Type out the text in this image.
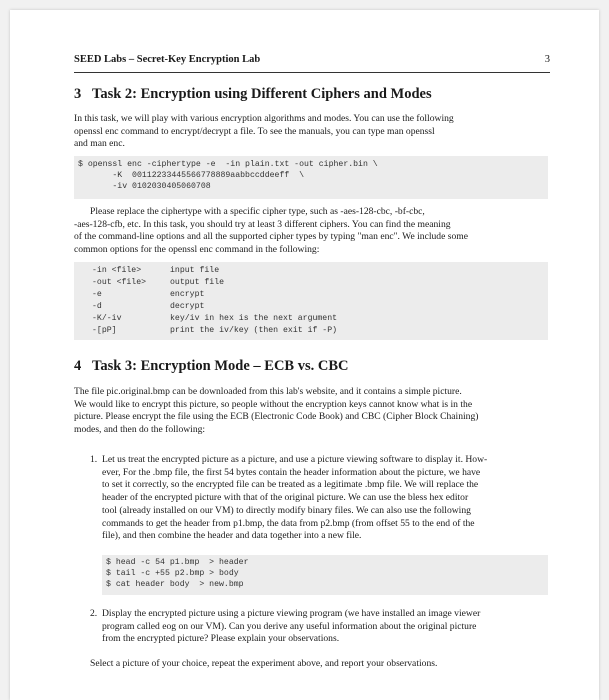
SEED Labs – Secret-Key Encryption Lab	3
3 Task 2: Encryption using Different Ciphers and Modes
In this task, we will play with various encryption algorithms and modes. You can use the following
openssl enc command to encrypt/decrypt a file. To see the manuals, you can type man openssl
and man enc.
$ openssl enc -ciphertype -e  -in plain.txt -out cipher.bin \
-K  00112233445566778889aabbccddeeff  \
-iv 0102030405060708
Please replace the ciphertype with a specific cipher type, such as -aes-128-cbc, -bf-cbc,
-aes-128-cfb, etc. In this task, you should try at least 3 different ciphers. You can find the meaning
of the command-line options and all the supported cipher types by typing "man enc". We include some
common options for the openssl enc command in the following:
-in <file>	input file
-out <file>	output file
-e	encrypt
-d	decrypt
-K/-iv	key/iv in hex is the next argument
-[pP]	print the iv/key (then exit if -P)
4 Task 3: Encryption Mode – ECB vs. CBC
The file pic.original.bmp can be downloaded from this lab's website, and it contains a simple picture.
We would like to encrypt this picture, so people without the encryption keys cannot know what is in the
picture. Please encrypt the file using the ECB (Electronic Code Book) and CBC (Cipher Block Chaining)
modes, and then do the following:
1. Let us treat the encrypted picture as a picture, and use a picture viewing software to display it. How-
ever, For the .bmp file, the first 54 bytes contain the header information about the picture, we have
to set it correctly, so the encrypted file can be treated as a legitimate .bmp file. We will replace the
header of the encrypted picture with that of the original picture. We can use the bless hex editor
tool (already installed on our VM) to directly modify binary files. We can also use the following
commands to get the header from p1.bmp, the data from p2.bmp (from offset 55 to the end of the
file), and then combine the header and data together into a new file.
$ head -c 54 p1.bmp  > header
$ tail -c +55 p2.bmp > body
$ cat header body  > new.bmp
2. Display the encrypted picture using a picture viewing program (we have installed an image viewer
program called eog on our VM). Can you derive any useful information about the original picture
from the encrypted picture? Please explain your observations.
Select a picture of your choice, repeat the experiment above, and report your observations.
